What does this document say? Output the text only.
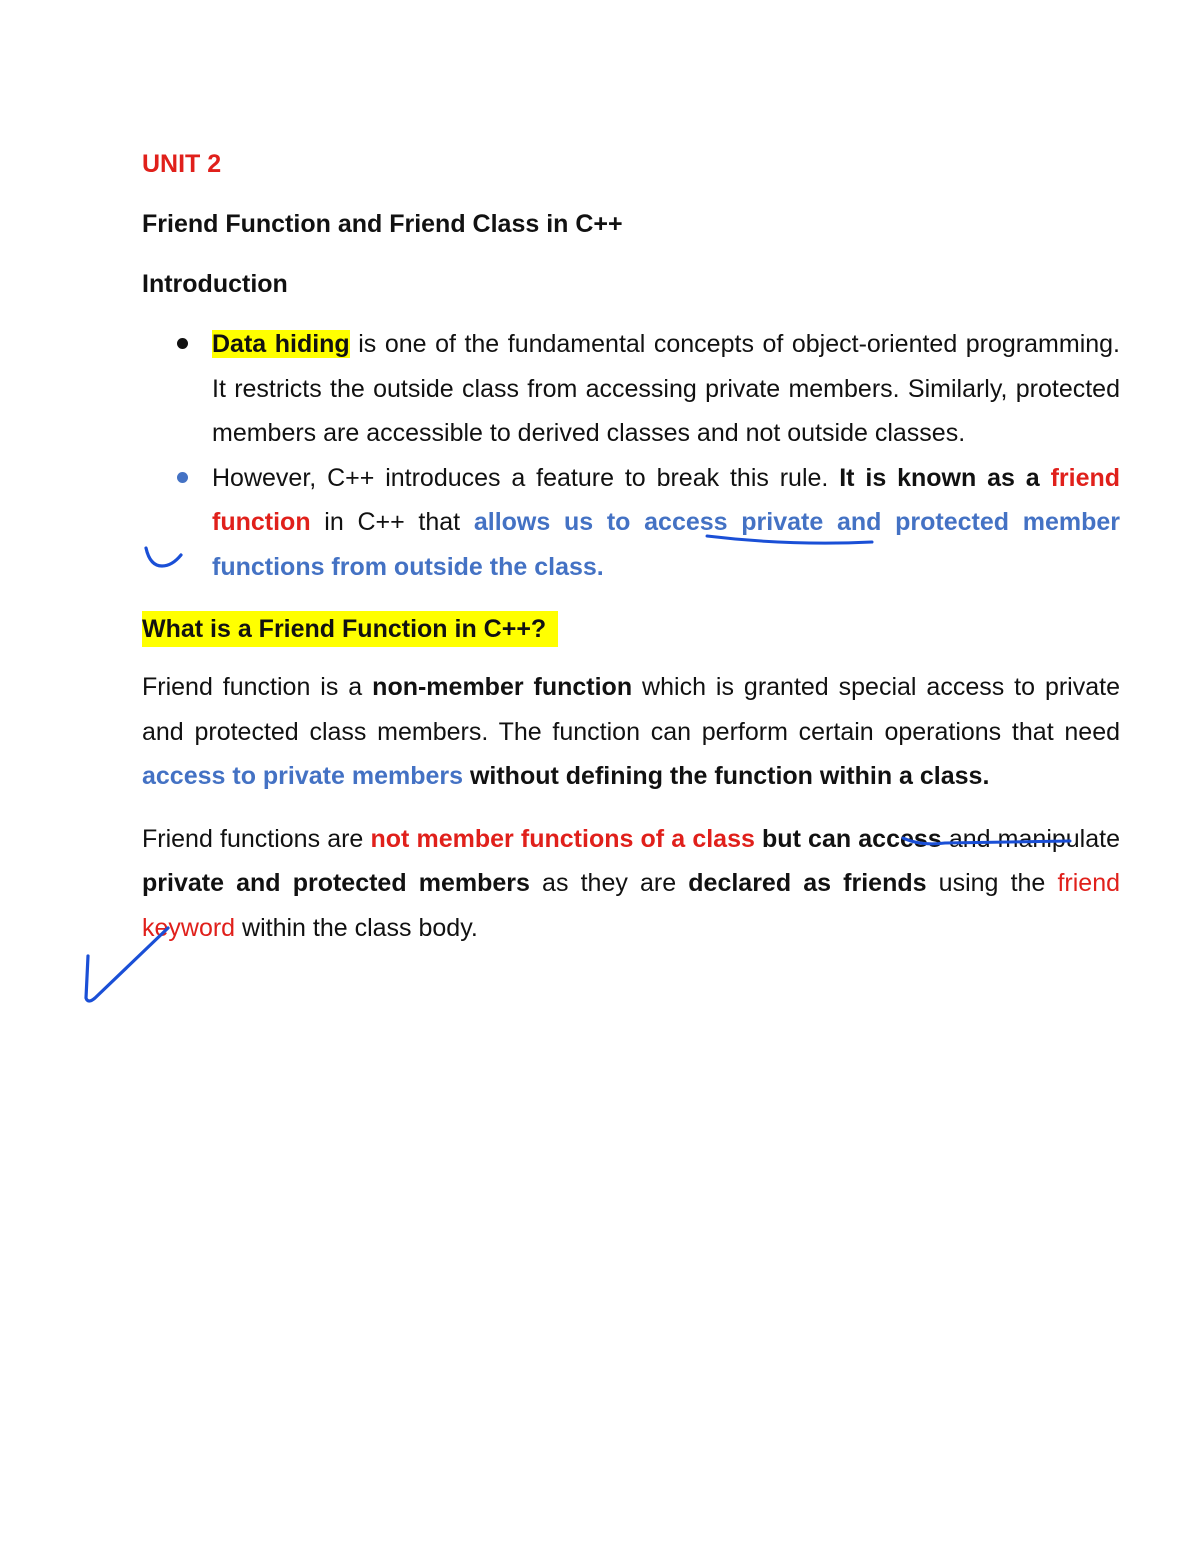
UNIT 2
Friend Function and Friend Class in C++
Introduction
Data hiding is one of the fundamental concepts of object-oriented programming. It restricts the outside class from accessing private members. Similarly, protected members are accessible to derived classes and not outside classes.
However, C++ introduces a feature to break this rule. It is known as a friend function in C++ that allows us to access private and protected member functions from outside the class.
What is a Friend Function in C++?

Friend function is a non-member function which is granted special access to private and protected class members. The function can perform certain operations that need access to private members without defining the function within a class.

Friend functions are not member functions of a class but can access and manipulate private and protected members as they are declared as friends using the friend keyword within the class body.
